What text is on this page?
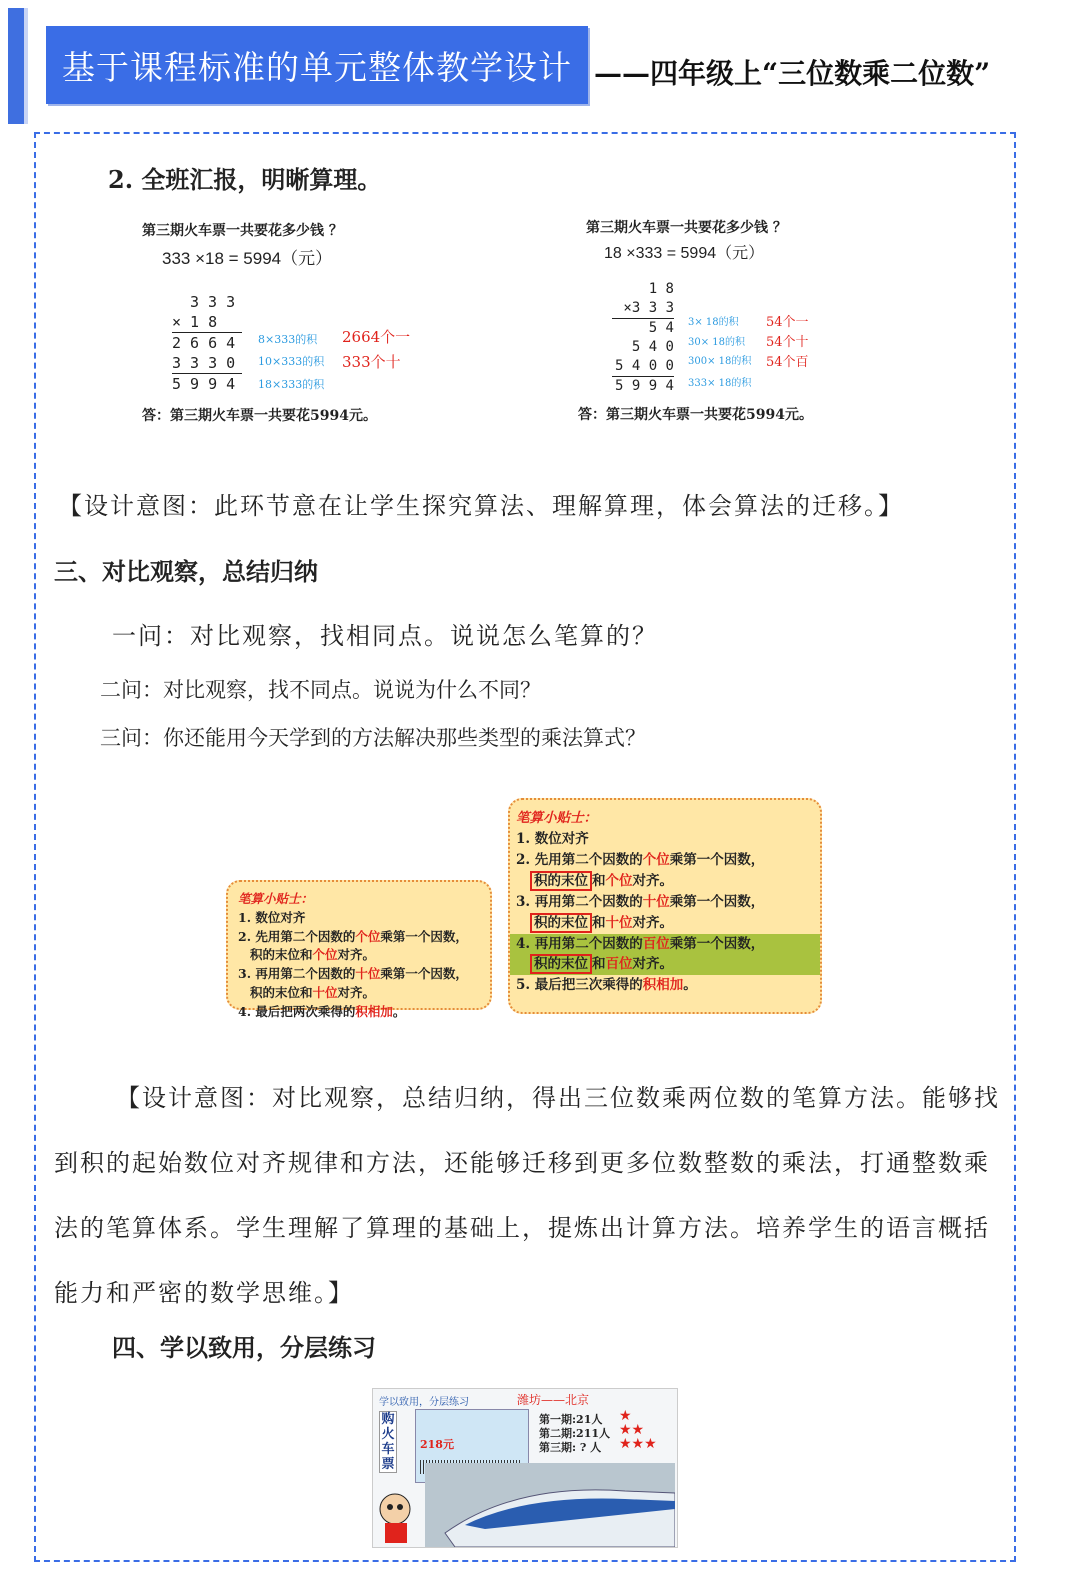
基于课程标准的单元整体教学设计 ——四年级上“三位数乘二位数”
2. 全班汇报，明晰算理。
第三期火车票一共要花多少钱 ？
333 ×18 = 5994（元）
3 3 3
× 1 8
2 6 6 4
3 3 3 0
5 9 9 4
8×333的积
10×333的积
18×333的积
2664个一
333个十
答：第三期火车票一共要花5994元。
第三期火车票一共要花多少钱 ？
18 ×333 = 5994（元）
1 8
×3 3 3
5 4
5 4 0
5 4 0 0
5 9 9 4
3× 18的积
30× 18的积
300× 18的积
333× 18的积
54个一
54个十
54个百
答：第三期火车票一共要花5994元。
【设计意图：此环节意在让学生探究算法、理解算理，体会算法的迁移。】
三、对比观察，总结归纳
一问：对比观察，找相同点。说说怎么笔算的？
二问：对比观察，找不同点。说说为什么不同？
三问：你还能用今天学到的方法解决那些类型的乘法算式？
笔算小贴士：
1. 数位对齐
2. 先用第二个因数的个位乘第一个因数，
积的末位和个位对齐。
3. 再用第二个因数的十位乘第一个因数，
积的末位和十位对齐。
4. 最后把两次乘得的积相加。
笔算小贴士：
1. 数位对齐
2. 先用第二个因数的个位乘第一个因数，
积的末位 和个位对齐。
3. 再用第二个因数的十位乘第一个因数，
积的末位 和十位对齐。
4. 再用第二个因数的百位乘第一个因数，
积的末位 和百位对齐。
5. 最后把三次乘得的积相加。
【设计意图：对比观察，总结归纳，得出三位数乘两位数的笔算方法。能够找到积的起始数位对齐规律和方法，还能够迁移到更多位数整数的乘法，打通整数乘法的笔算体系。学生理解了算理的基础上，提炼出计算方法。培养学生的语言概括能力和严密的数学思维。】
四、学以致用，分层练习
学以致用，分层练习	潍坊——北京
购火车票
218元
第一期:21人
第二期:211人
第三期: ? 人
★
★★
★★★
